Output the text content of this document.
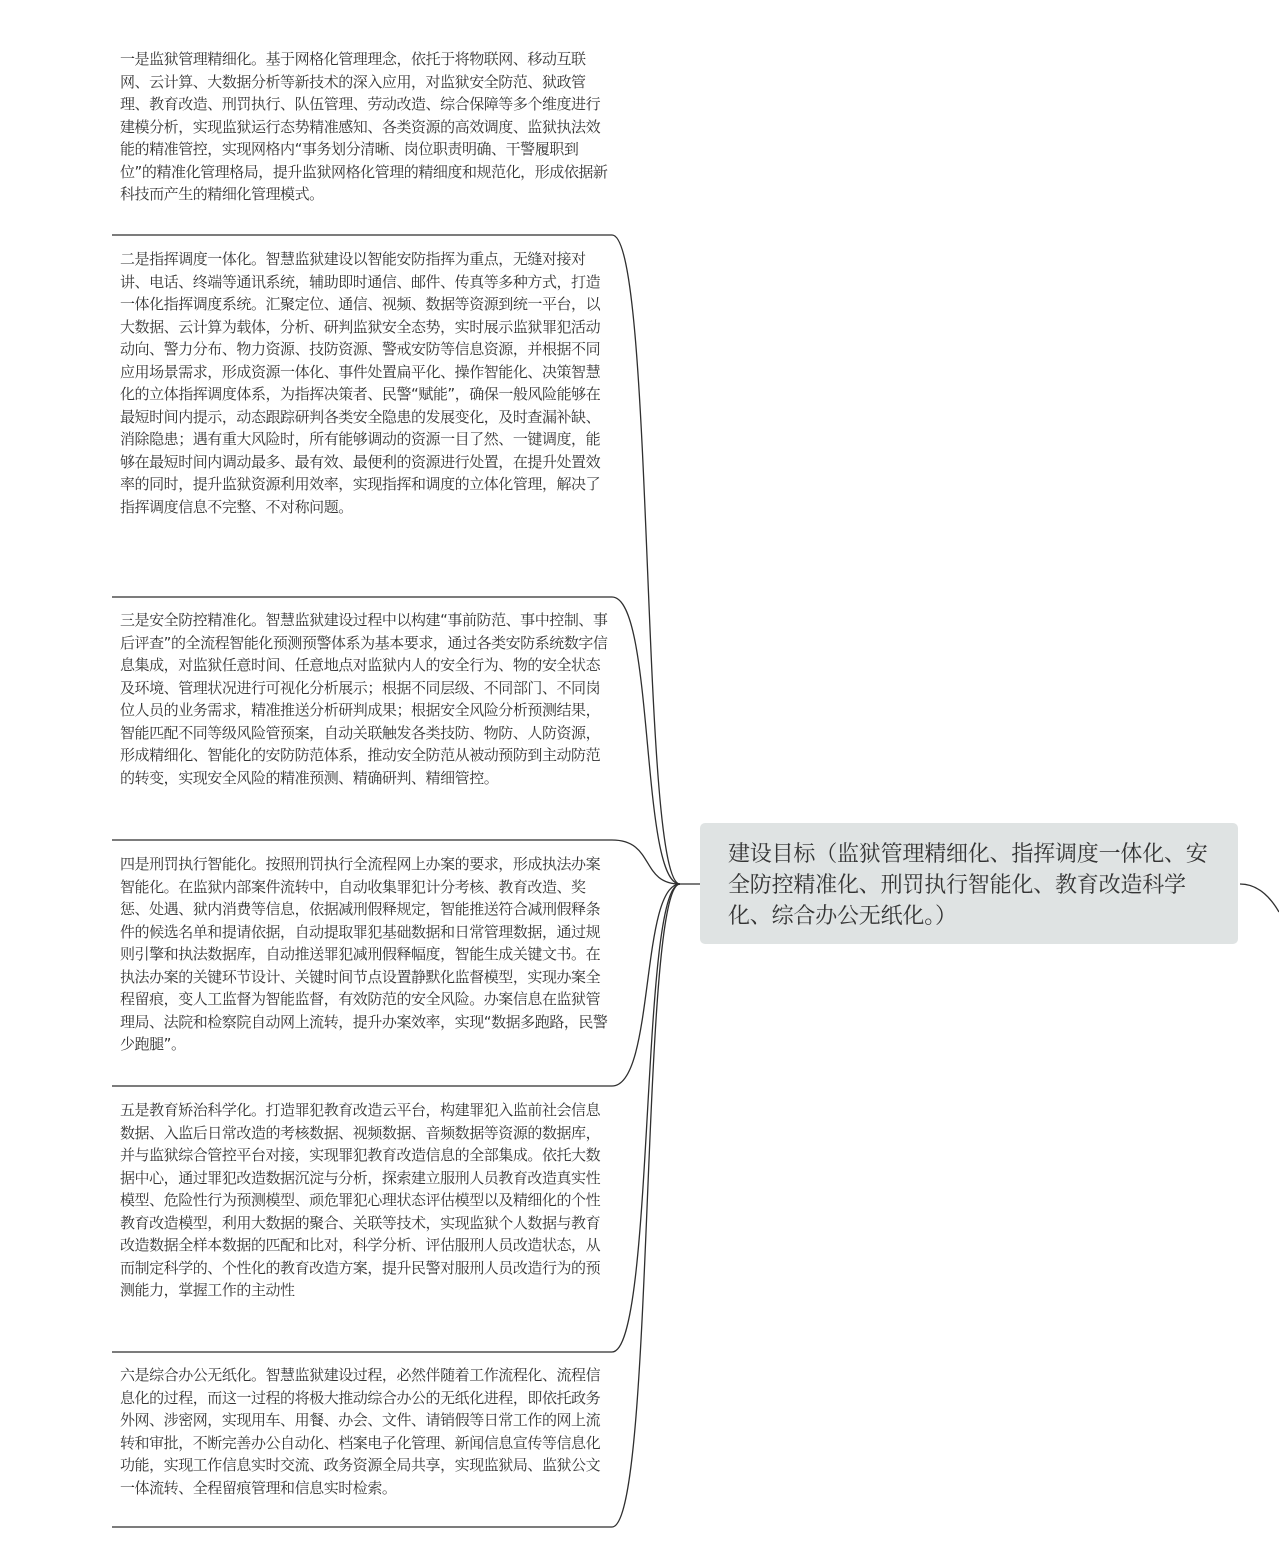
一是监狱管理精细化。基于网格化管理理念，依托于将物联网、移动互联网、云计算、大数据分析等新技术的深入应用，对监狱安全防范、狱政管理、教育改造、刑罚执行、队伍管理、劳动改造、综合保障等多个维度进行建模分析，实现监狱运行态势精准感知、各类资源的高效调度、监狱执法效能的精准管控，实现网格内“事务划分清晰、岗位职责明确、干警履职到位”的精准化管理格局，提升监狱网格化管理的精细度和规范化，形成依据新科技而产生的精细化管理模式。
二是指挥调度一体化。智慧监狱建设以智能安防指挥为重点，无缝对接对讲、电话、终端等通讯系统，辅助即时通信、邮件、传真等多种方式，打造一体化指挥调度系统。汇聚定位、通信、视频、数据等资源到统一平台，以大数据、云计算为载体，分析、研判监狱安全态势，实时展示监狱罪犯活动动向、警力分布、物力资源、技防资源、警戒安防等信息资源，并根据不同应用场景需求，形成资源一体化、事件处置扁平化、操作智能化、决策智慧化的立体指挥调度体系，为指挥决策者、民警“赋能”，确保一般风险能够在最短时间内提示，动态跟踪研判各类安全隐患的发展变化，及时查漏补缺、消除隐患；遇有重大风险时，所有能够调动的资源一目了然、一键调度，能够在最短时间内调动最多、最有效、最便利的资源进行处置，在提升处置效率的同时，提升监狱资源利用效率，实现指挥和调度的立体化管理，解决了指挥调度信息不完整、不对称问题。
三是安全防控精准化。智慧监狱建设过程中以构建“事前防范、事中控制、事后评查”的全流程智能化预测预警体系为基本要求，通过各类安防系统数字信息集成，对监狱任意时间、任意地点对监狱内人的安全行为、物的安全状态及环境、管理状况进行可视化分析展示；根据不同层级、不同部门、不同岗位人员的业务需求，精准推送分析研判成果；根据安全风险分析预测结果，智能匹配不同等级风险管预案，自动关联触发各类技防、物防、人防资源，形成精细化、智能化的安防防范体系，推动安全防范从被动预防到主动防范的转变，实现安全风险的精准预测、精确研判、精细管控。
四是刑罚执行智能化。按照刑罚执行全流程网上办案的要求，形成执法办案智能化。在监狱内部案件流转中，自动收集罪犯计分考核、教育改造、奖惩、处遇、狱内消费等信息，依据减刑假释规定，智能推送符合减刑假释条件的候选名单和提请依据，自动提取罪犯基础数据和日常管理数据，通过规则引擎和执法数据库，自动推送罪犯减刑假释幅度，智能生成关键文书。在执法办案的关键环节设计、关键时间节点设置静默化监督模型，实现办案全程留痕，变人工监督为智能监督，有效防范的安全风险。办案信息在监狱管理局、法院和检察院自动网上流转，提升办案效率，实现“数据多跑路，民警少跑腿”。
五是教育矫治科学化。打造罪犯教育改造云平台，构建罪犯入监前社会信息数据、入监后日常改造的考核数据、视频数据、音频数据等资源的数据库，并与监狱综合管控平台对接，实现罪犯教育改造信息的全部集成。依托大数据中心，通过罪犯改造数据沉淀与分析，探索建立服刑人员教育改造真实性模型、危险性行为预测模型、顽危罪犯心理状态评估模型以及精细化的个性教育改造模型，利用大数据的聚合、关联等技术，实现监狱个人数据与教育改造数据全样本数据的匹配和比对，科学分析、评估服刑人员改造状态，从而制定科学的、个性化的教育改造方案，提升民警对服刑人员改造行为的预测能力，掌握工作的主动性
六是综合办公无纸化。智慧监狱建设过程，必然伴随着工作流程化、流程信息化的过程，而这一过程的将极大推动综合办公的无纸化进程，即依托政务外网、涉密网，实现用车、用餐、办会、文件、请销假等日常工作的网上流转和审批，不断完善办公自动化、档案电子化管理、新闻信息宣传等信息化功能，实现工作信息实时交流、政务资源全局共享，实现监狱局、监狱公文一体流转、全程留痕管理和信息实时检索。
建设目标（监狱管理精细化、指挥调度一体化、安全防控精准化、刑罚执行智能化、教育改造科学化、综合办公无纸化。）
